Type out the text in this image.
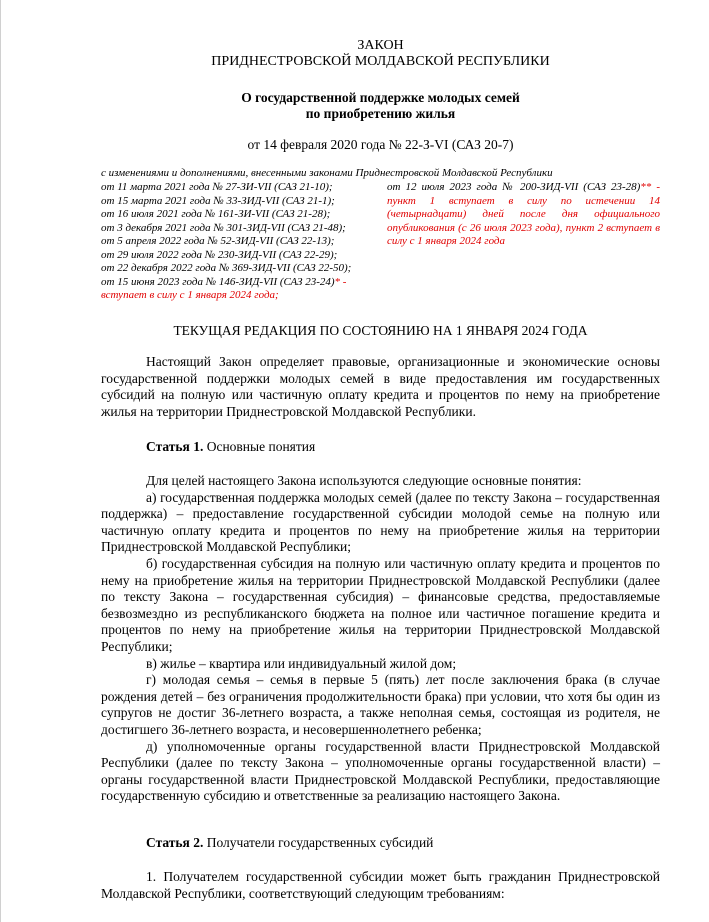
ЗАКОН
ПРИДНЕСТРОВСКОЙ МОЛДАВСКОЙ РЕСПУБЛИКИ
О государственной поддержке молодых семей
по приобретению жилья
от 14 февраля 2020 года № 22-З-VI (САЗ 20-7)
с изменениями и дополнениями, внесенными законами Приднестровской Молдавской Республики
от 11 марта 2021 года № 27-ЗИ-VII (САЗ 21-10);
от 15 марта 2021 года № 33-ЗИД-VII (САЗ 21-1);
от 16 июля 2021 года № 161-ЗИ-VII (САЗ 21-28);
от 3 декабря 2021 года № 301-ЗИД-VII (САЗ 21-48);
от 5 апреля 2022 года № 52-ЗИД-VII (САЗ 22-13);
от 29 июля 2022 года № 230-ЗИД-VII (САЗ 22-29);
от 22 декабря 2022 года № 369-ЗИД-VII (САЗ 22-50);
от 15 июня 2023 года № 146-ЗИД-VII (САЗ 23-24)* - вступает в силу с 1 января 2024 года;
от 12 июля 2023 года № 200-ЗИД-VII (САЗ 23-28)** - пункт 1 вступает в силу по истечении 14 (четырнадцати) дней после дня официального опубликования (с 26 июля 2023 года), пункт 2 вступает в силу с 1 января 2024 года
ТЕКУЩАЯ РЕДАКЦИЯ ПО СОСТОЯНИЮ НА 1 ЯНВАРЯ 2024 ГОДА

Настоящий Закон определяет правовые, организационные и экономические основы государственной поддержки молодых семей в виде предоставления им государственных субсидий на полную или частичную оплату кредита и процентов по нему на приобретение жилья на территории Приднестровской Молдавской Республики.

Статья 1. Основные понятия

Для целей настоящего Закона используются следующие основные понятия:

а) государственная поддержка молодых семей (далее по тексту Закона – государственная поддержка) – предоставление государственной субсидии молодой семье на полную или частичную оплату кредита и процентов по нему на приобретение жилья на территории Приднестровской Молдавской Республики;

б) государственная субсидия на полную или частичную оплату кредита и процентов по нему на приобретение жилья на территории Приднестровской Молдавской Республики (далее по тексту Закона – государственная субсидия) – финансовые средства, предоставляемые безвозмездно из республиканского бюджета на полное или частичное погашение кредита и процентов по нему на приобретение жилья на территории Приднестровской Молдавской Республики;

в) жилье – квартира или индивидуальный жилой дом;

г) молодая семья – семья в первые 5 (пять) лет после заключения брака (в случае рождения детей – без ограничения продолжительности брака) при условии, что хотя бы один из супругов не достиг 36-летнего возраста, а также неполная семья, состоящая из родителя, не достигшего 36-летнего возраста, и несовершеннолетнего ребенка;

д) уполномоченные органы государственной власти Приднестровской Молдавской Республики (далее по тексту Закона – уполномоченные органы государственной власти) – органы государственной власти Приднестровской Молдавской Республики, предоставляющие государственную субсидию и ответственные за реализацию настоящего Закона.

Статья 2. Получатели государственных субсидий

1. Получателем государственной субсидии может быть гражданин Приднестровской Молдавской Республики, соответствующий следующим требованиям:
